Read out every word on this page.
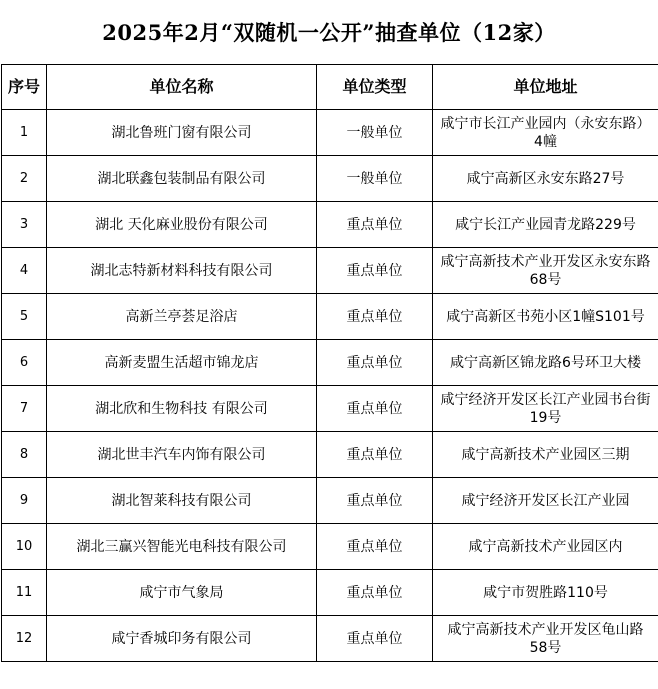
2025年2月“双随机一公开”抽查单位（12家）
序号	单位名称	单位类型	单位地址
1	湖北鲁班门窗有限公司	一般单位	咸宁市长江产业园内（永安东路）4幢
2	湖北联鑫包装制品有限公司	一般单位	咸宁高新区永安东路27号
3	湖北 天化麻业股份有限公司	重点单位	咸宁长江产业园青龙路229号
4	湖北志特新材料科技有限公司	重点单位	咸宁高新技术产业开发区永安东路68号
5	高新兰亭荟足浴店	重点单位	咸宁高新区书苑小区1幢S101号
6	高新麦盟生活超市锦龙店	重点单位	咸宁高新区锦龙路6号环卫大楼
7	湖北欣和生物科技 有限公司	重点单位	咸宁经济开发区长江产业园书台街19号
8	湖北世丰汽车内饰有限公司	重点单位	咸宁高新技术产业园区三期
9	湖北智莱科技有限公司	重点单位	咸宁经济开发区长江产业园
10	湖北三赢兴智能光电科技有限公司	重点单位	咸宁高新技术产业园区内
11	咸宁市气象局	重点单位	咸宁市贺胜路110号
12	咸宁香城印务有限公司	重点单位	咸宁高新技术产业开发区龟山路58号
